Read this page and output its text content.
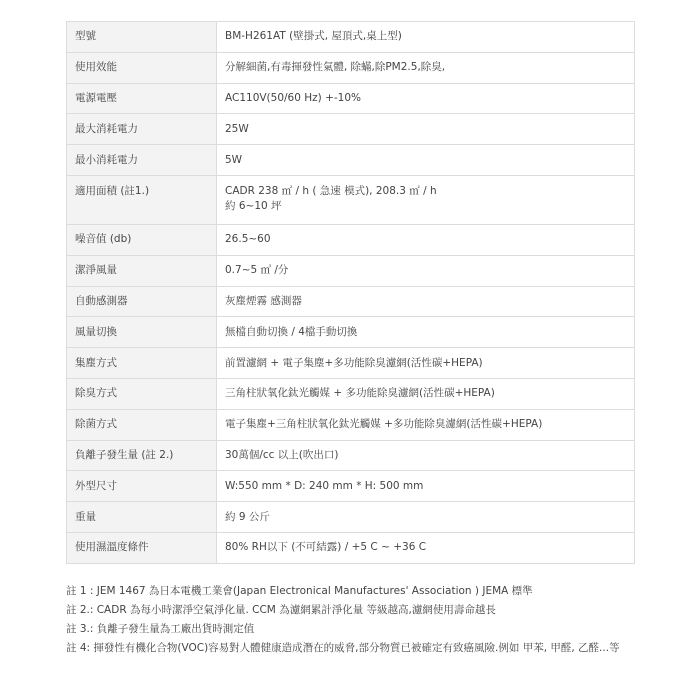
型號	BM-H261AT (壁掛式, 屋頂式,桌上型)

使用效能	分解細菌,有毒揮發性氣體, 除蟎,除PM2.5,除臭,

電源電壓	AC110V(50/60 Hz) +-10%

最大消耗電力	25W

最小消耗電力	5W

適用面積 (註1.)	CADR 238 ㎡ / h ( 急速 模式), 208.3 ㎡ / h
約 6~10 坪

噪音值 (db)	26.5~60

潔淨風量	0.7~5 ㎥ /分

自動感測器	灰塵煙霧 感測器

風量切換	無檔自動切換 / 4檔手動切換

集塵方式	前置濾網 + 電子集塵+多功能除臭濾網(活性碳+HEPA)

除臭方式	三角柱狀氧化鈦光觸媒 + 多功能除臭濾網(活性碳+HEPA)

除菌方式	電子集塵+三角柱狀氧化鈦光觸媒 +多功能除臭濾網(活性碳+HEPA)

負離子發生量 (註 2.)	30萬個/cc 以上(吹出口)

外型尺寸	W:550 mm * D: 240 mm * H: 500 mm

重量	約 9 公斤

使用濕溫度條件	80% RH以下 (不可結露) / +5 C ~ +36 C

註 1 : JEM 1467 為日本電機工業會(Japan Electronical Manufactures' Association ) JEMA 標準

註 2.: CADR 為每小時潔淨空氣淨化量. CCM 為濾網累計淨化量 等級越高,濾網使用壽命越長

註 3.: 負離子發生量為工廠出貨時測定值

註 4: 揮發性有機化合物(VOC)容易對人體健康造成潛在的威脅,部分物質已被確定有致癌風險.例如 甲苯, 甲醛, 乙醛...等
